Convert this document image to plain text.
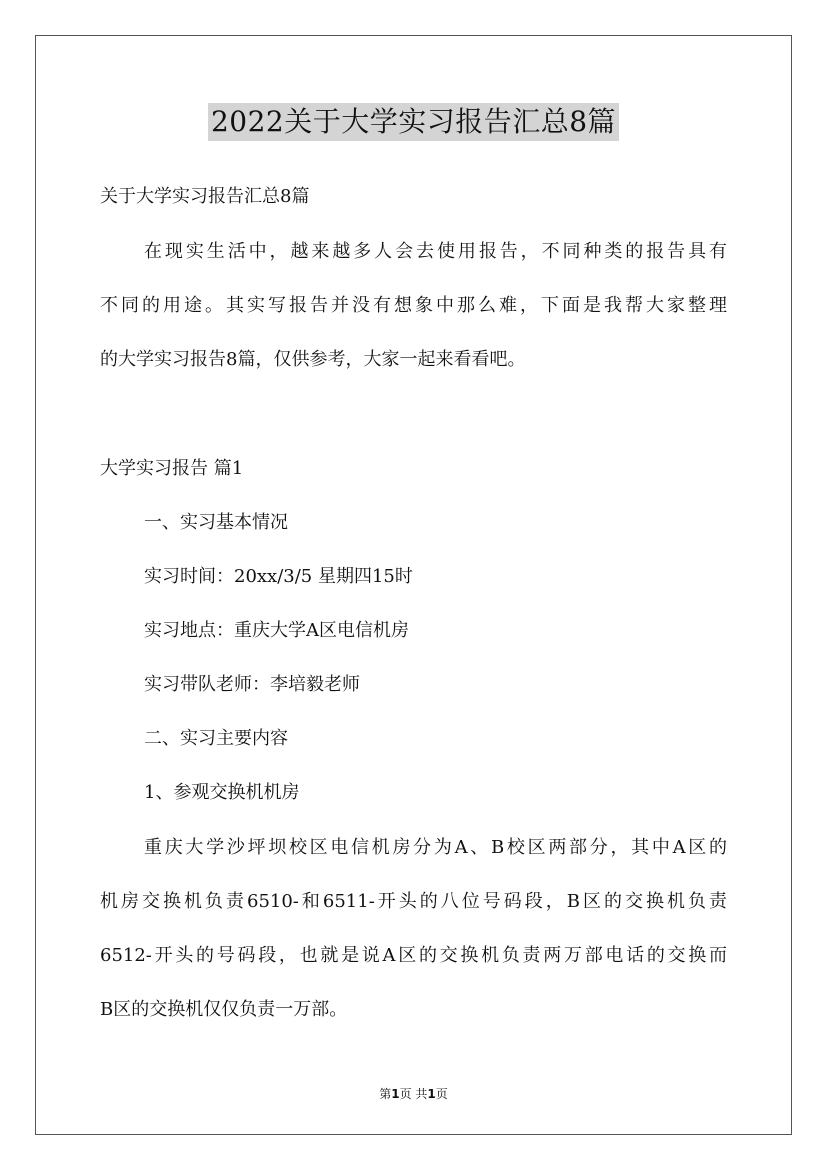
2022关于大学实习报告汇总8篇

关于大学实习报告汇总8篇

在现实生活中，越来越多人会去使用报告，不同种类的报告具有

不同的用途。其实写报告并没有想象中那么难，下面是我帮大家整理

的大学实习报告8篇，仅供参考，大家一起来看看吧。

大学实习报告 篇1

一、实习基本情况

实习时间：20xx/3/5 星期四15时

实习地点：重庆大学A区电信机房

实习带队老师：李培毅老师

二、实习主要内容

1、参观交换机机房

重庆大学沙坪坝校区电信机房分为A、B校区两部分，其中A区的

机房交换机负责6510-和6511-开头的八位号码段，B区的交换机负责

6512-开头的号码段，也就是说A区的交换机负责两万部电话的交换而

B区的交换机仅仅负责一万部。

第1页 共1页
